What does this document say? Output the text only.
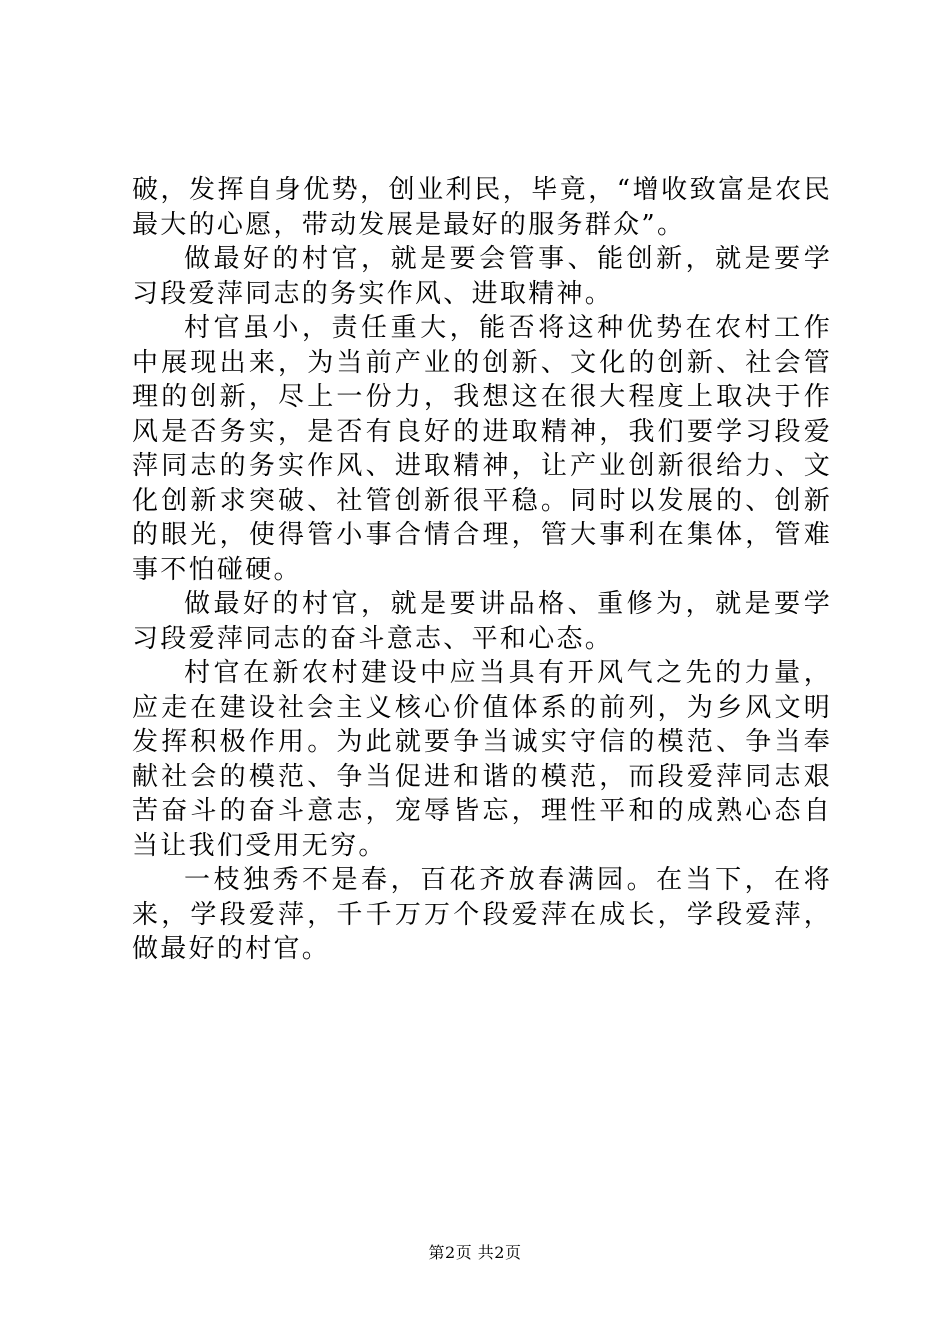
破，发挥自身优势，创业利民，毕竟，“增收致富是农民最大的心愿，带动发展是最好的服务群众”。

做最好的村官，就是要会管事、能创新，就是要学习段爱萍同志的务实作风、进取精神。

村官虽小，责任重大，能否将这种优势在农村工作中展现出来，为当前产业的创新、文化的创新、社会管理的创新，尽上一份力，我想这在很大程度上取决于作风是否务实，是否有良好的进取精神，我们要学习段爱萍同志的务实作风、进取精神，让产业创新很给力、文化创新求突破、社管创新很平稳。同时以发展的、创新的眼光，使得管小事合情合理，管大事利在集体，管难事不怕碰硬。

做最好的村官，就是要讲品格、重修为，就是要学习段爱萍同志的奋斗意志、平和心态。

村官在新农村建设中应当具有开风气之先的力量，应走在建设社会主义核心价值体系的前列，为乡风文明发挥积极作用。为此就要争当诚实守信的模范、争当奉献社会的模范、争当促进和谐的模范，而段爱萍同志艰苦奋斗的奋斗意志，宠辱皆忘，理性平和的成熟心态自当让我们受用无穷。

一枝独秀不是春，百花齐放春满园。在当下，在将来，学段爱萍，千千万万个段爱萍在成长，学段爱萍，做最好的村官。

第2页 共2页
